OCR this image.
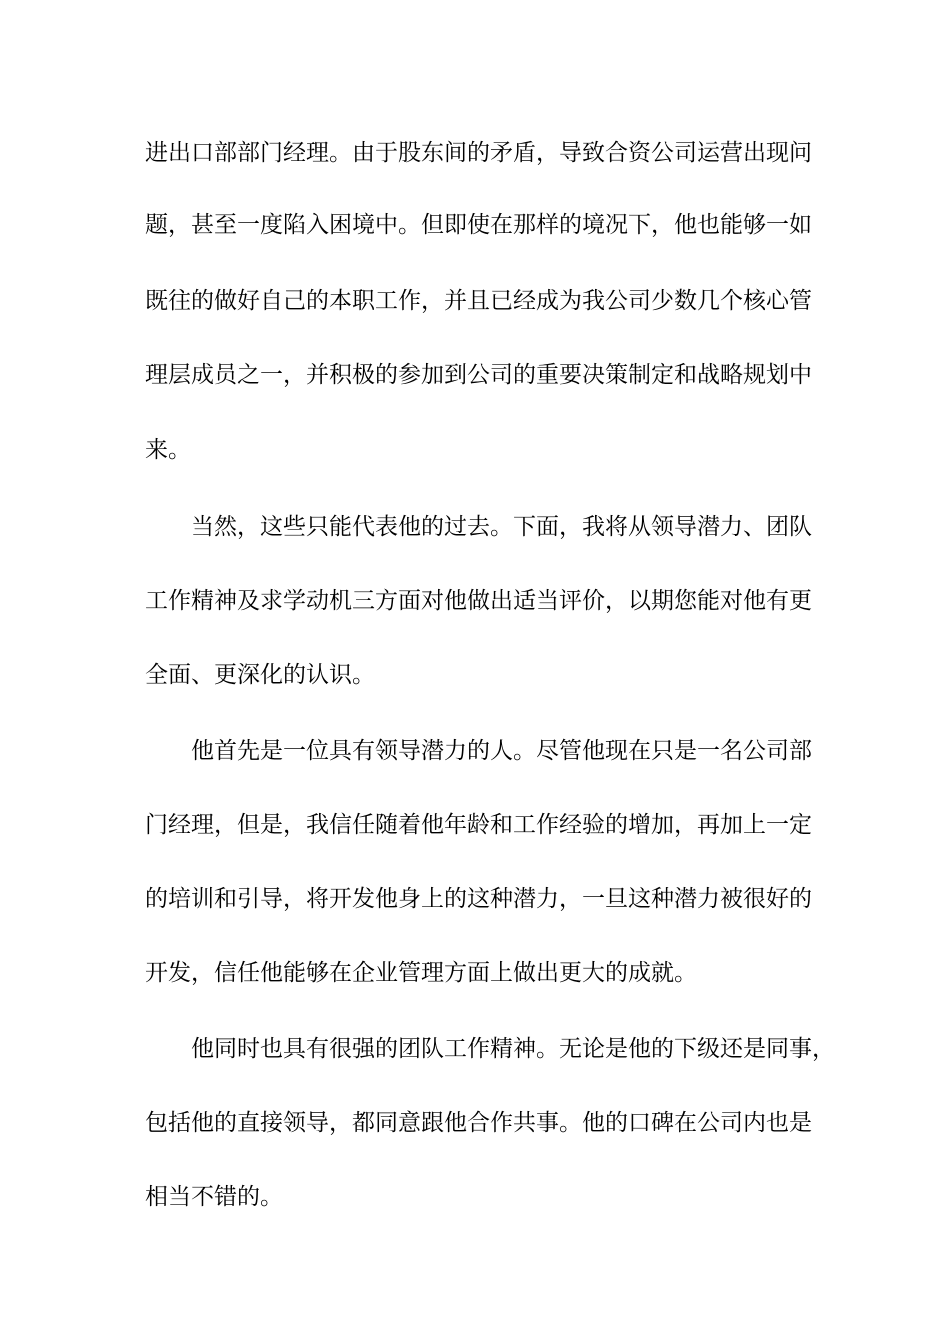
进出口部部门经理。由于股东间的矛盾，导致合资公司运营出现问
题，甚至一度陷入困境中。但即使在那样的境况下，他也能够一如
既往的做好自己的本职工作，并且已经成为我公司少数几个核心管
理层成员之一，并积极的参加到公司的重要决策制定和战略规划中
来。
当然，这些只能代表他的过去。下面，我将从领导潜力、团队
工作精神及求学动机三方面对他做出适当评价，以期您能对他有更
全面、更深化的认识。
他首先是一位具有领导潜力的人。尽管他现在只是一名公司部
门经理，但是，我信任随着他年龄和工作经验的增加，再加上一定
的培训和引导，将开发他身上的这种潜力，一旦这种潜力被很好的
开发，信任他能够在企业管理方面上做出更大的成就。
他同时也具有很强的团队工作精神。无论是他的下级还是同事，
包括他的直接领导，都同意跟他合作共事。他的口碑在公司内也是
相当不错的。
